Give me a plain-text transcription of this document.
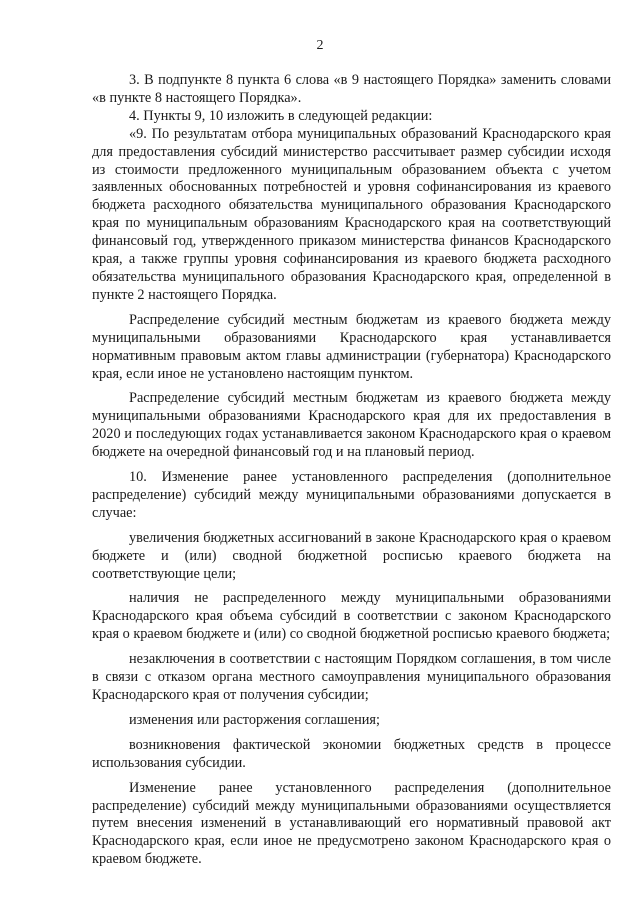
2

3. В подпункте 8 пункта 6 слова «в 9 настоящего Порядка» заменить словами «в пункте 8 настоящего Порядка».

4. Пункты 9, 10 изложить в следующей редакции:

«9. По результатам отбора муниципальных образований Краснодарского края для предоставления субсидий министерство рассчитывает размер субсидии исходя из стоимости предложенного муниципальным образованием объекта с учетом заявленных обоснованных потребностей и уровня софинансирования из краевого бюджета расходного обязательства муниципального образования Краснодарского края по муниципальным образованиям Краснодарского края на соответствующий финансовый год, утвержденного приказом министерства финансов Краснодарского края, а также группы уровня софинансирования из краевого бюджета расходного обязательства муниципального образования Краснодарского края, определенной в пункте 2 настоящего Порядка.

Распределение субсидий местным бюджетам из краевого бюджета между муниципальными образованиями Краснодарского края устанавливается нормативным правовым актом главы администрации (губернатора) Краснодарского края, если иное не установлено настоящим пунктом.

Распределение субсидий местным бюджетам из краевого бюджета между муниципальными образованиями Краснодарского края для их предоставления в 2020 и последующих годах устанавливается законом Краснодарского края о краевом бюджете на очередной финансовый год и на плановый период.

10. Изменение ранее установленного распределения (дополнительное распределение) субсидий между муниципальными образованиями допускается в случае:

увеличения бюджетных ассигнований в законе Краснодарского края о краевом бюджете и (или) сводной бюджетной росписью краевого бюджета на соответствующие цели;

наличия не распределенного между муниципальными образованиями Краснодарского края объема субсидий в соответствии с законом Краснодарского края о краевом бюджете и (или) со сводной бюджетной росписью краевого бюджета;

незаключения в соответствии с настоящим Порядком соглашения, в том числе в связи с отказом органа местного самоуправления муниципального образования Краснодарского края от получения субсидии;

изменения или расторжения соглашения;

возникновения фактической экономии бюджетных средств в процессе использования субсидии.

Изменение ранее установленного распределения (дополнительное распределение) субсидий между муниципальными образованиями осуществляется путем внесения изменений в устанавливающий его нормативный правовой акт Краснодарского края, если иное не предусмотрено законом Краснодарского края о краевом бюджете.
